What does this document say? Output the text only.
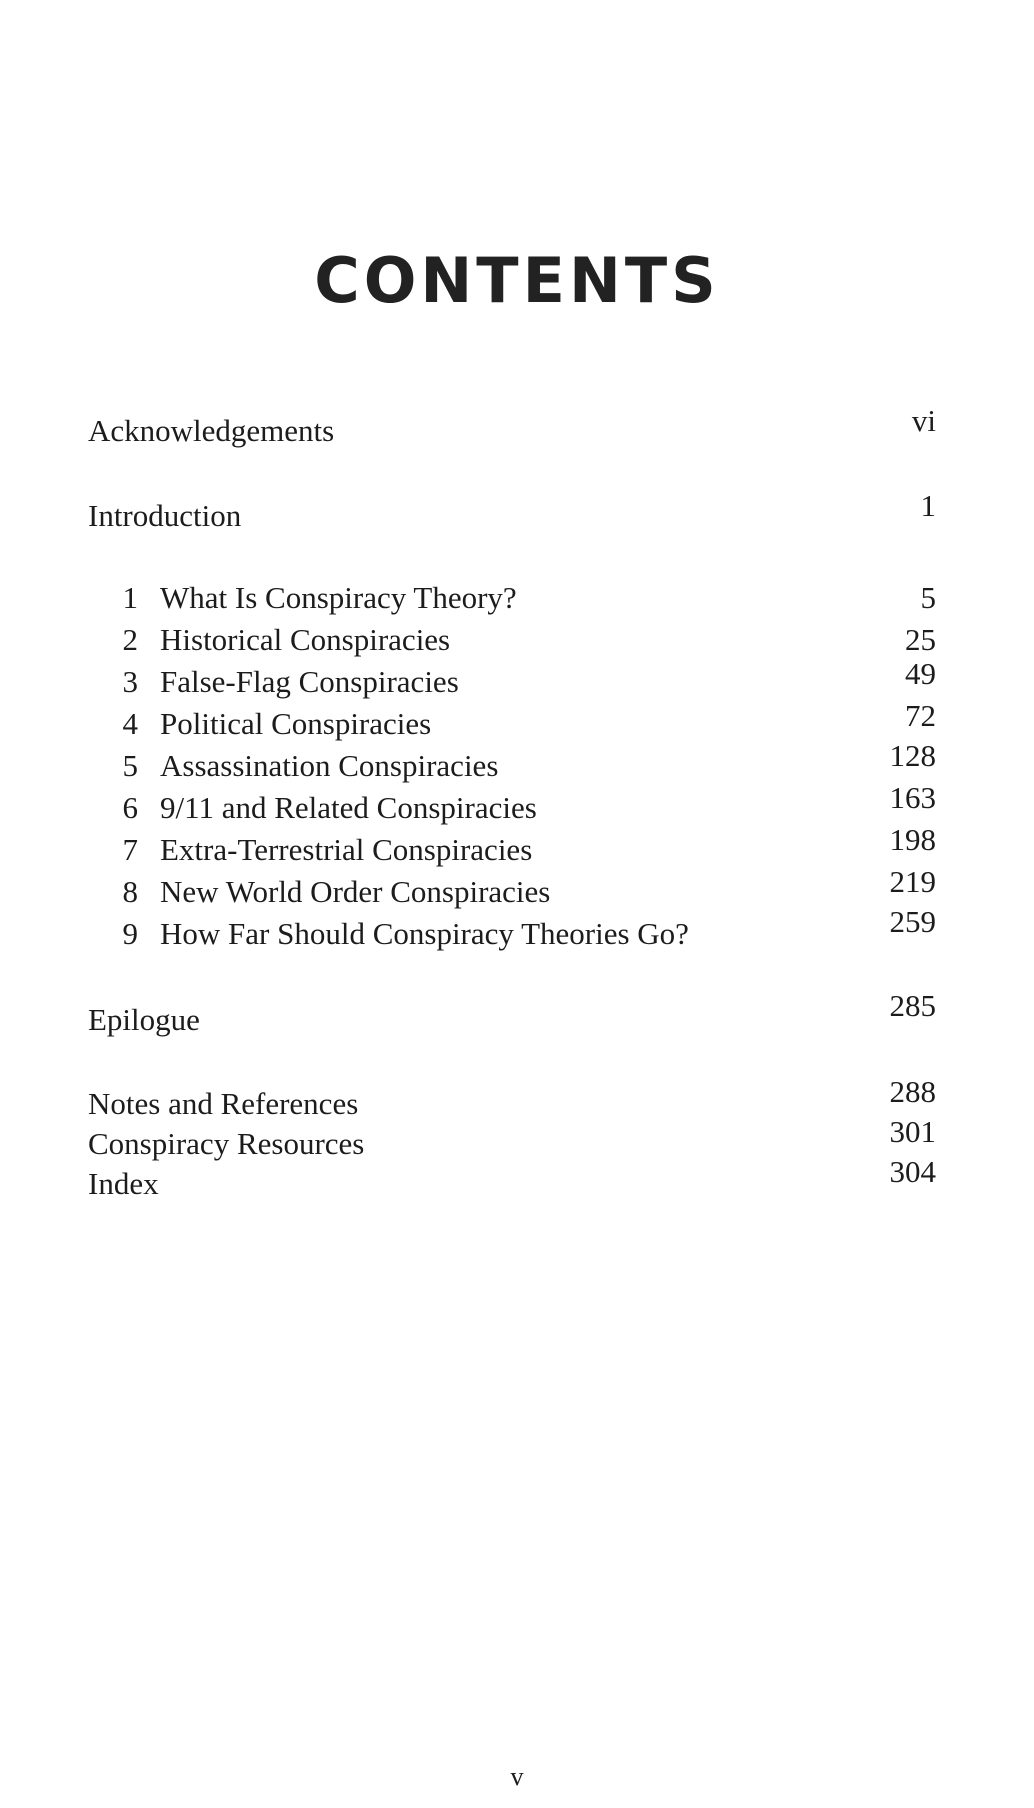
CONTENTS
Acknowledgements	vi
Introduction	1
1 What Is Conspiracy Theory?	5
2 Historical Conspiracies	25
3 False-Flag Conspiracies	49
4 Political Conspiracies	72
5 Assassination Conspiracies	128
6 9/11 and Related Conspiracies	163
7 Extra-Terrestrial Conspiracies	198
8 New World Order Conspiracies	219
9 How Far Should Conspiracy Theories Go?	259
Epilogue	285
Notes and References	288
Conspiracy Resources	301
Index	304
v
